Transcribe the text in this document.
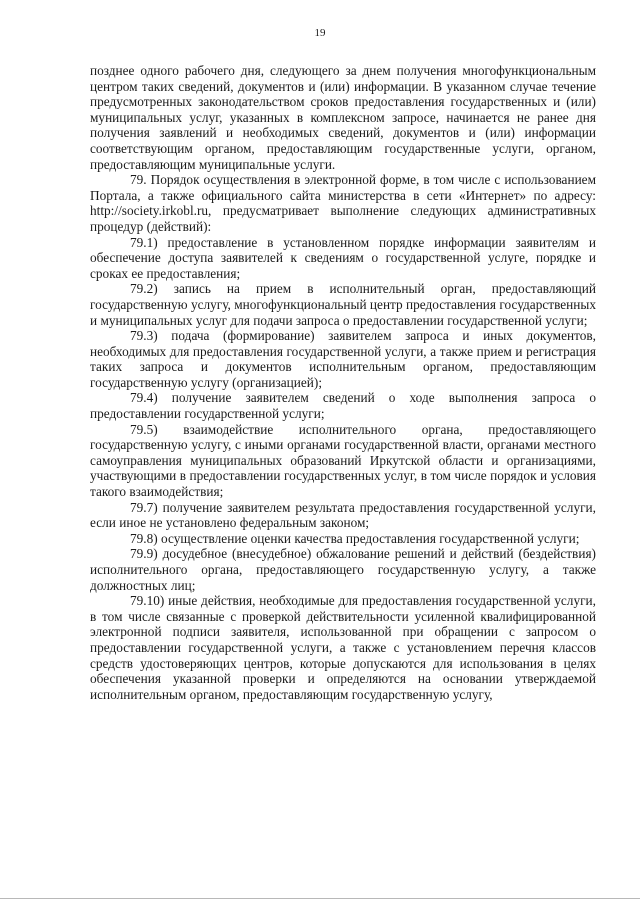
19

позднее одного рабочего дня, следующего за днем получения многофункциональным центром таких сведений, документов и (или) информации. В указанном случае течение предусмотренных законодательством сроков предоставления государственных и (или) муниципальных услуг, указанных в комплексном запросе, начинается не ранее дня получения заявлений и необходимых сведений, документов и (или) информации соответствующим органом, предоставляющим государственные услуги, органом, предоставляющим муниципальные услуги.

79. Порядок осуществления в электронной форме, в том числе с использованием Портала, а также официального сайта министерства в сети «Интернет» по адресу: http://society.irkobl.ru, предусматривает выполнение следующих административных процедур (действий):

79.1) предоставление в установленном порядке информации заявителям и обеспечение доступа заявителей к сведениям о государственной услуге, порядке и сроках ее предоставления;

79.2) запись на прием в исполнительный орган, предоставляющий государственную услугу, многофункциональный центр предоставления государственных и муниципальных услуг для подачи запроса о предоставлении государственной услуги;

79.3) подача (формирование) заявителем запроса и иных документов, необходимых для предоставления государственной услуги, а также прием и регистрация таких запроса и документов исполнительным органом, предоставляющим государственную услугу (организацией);

79.4) получение заявителем сведений о ходе выполнения запроса о предоставлении государственной услуги;

79.5) взаимодействие исполнительного органа, предоставляющего государственную услугу, с иными органами государственной власти, органами местного самоуправления муниципальных образований Иркутской области и организациями, участвующими в предоставлении государственных услуг, в том числе порядок и условия такого взаимодействия;

79.7) получение заявителем результата предоставления государственной услуги, если иное не установлено федеральным законом;

79.8) осуществление оценки качества предоставления государственной услуги;

79.9) досудебное (внесудебное) обжалование решений и действий (бездействия) исполнительного органа, предоставляющего государственную услугу, а также должностных лиц;

79.10) иные действия, необходимые для предоставления государственной услуги, в том числе связанные с проверкой действительности усиленной квалифицированной электронной подписи заявителя, использованной при обращении с запросом о предоставлении государственной услуги, а также с установлением перечня классов средств удостоверяющих центров, которые допускаются для использования в целях обеспечения указанной проверки и определяются на основании утверждаемой исполнительным органом, предоставляющим государственную услугу,
